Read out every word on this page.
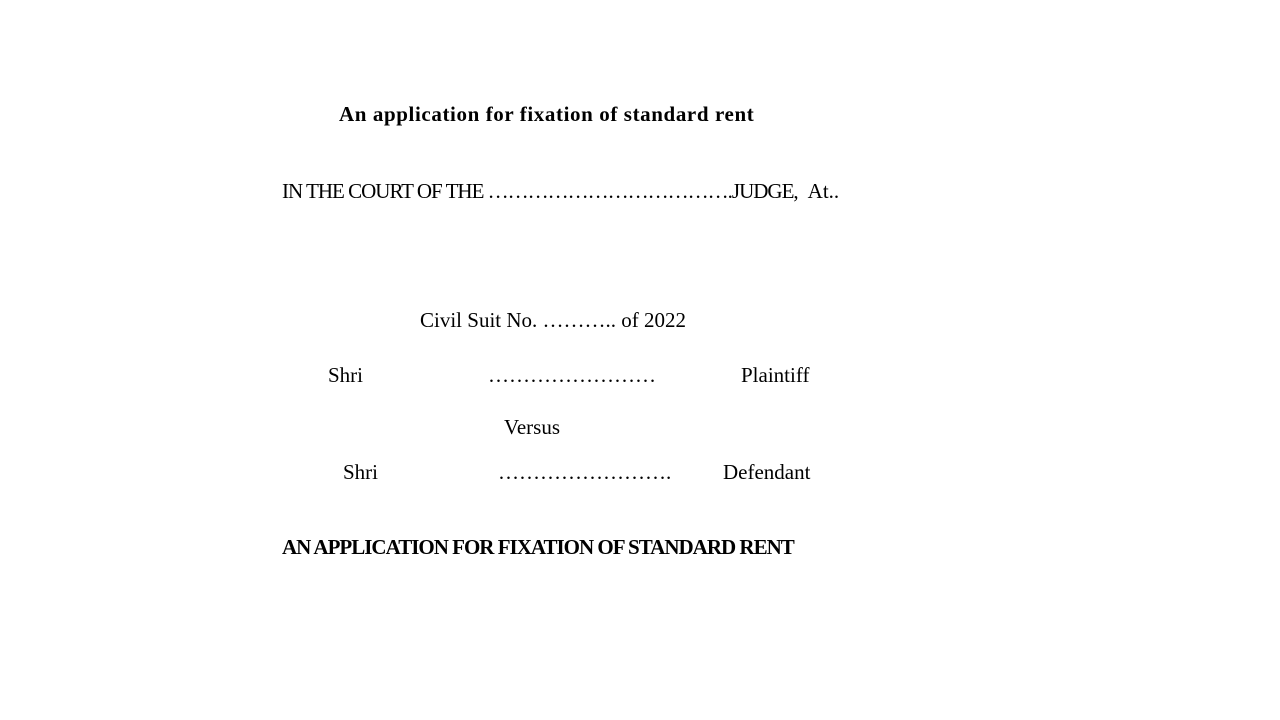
An application for fixation of standard rent
IN THE COURT OF THE ……………………………….JUDGE, At..
Civil Suit No. ……….. of 2022
Shri	……………………	Plaintiff
Versus
Shri	……………………. Defendant
AN APPLICATION FOR FIXATION OF STANDARD RENT
